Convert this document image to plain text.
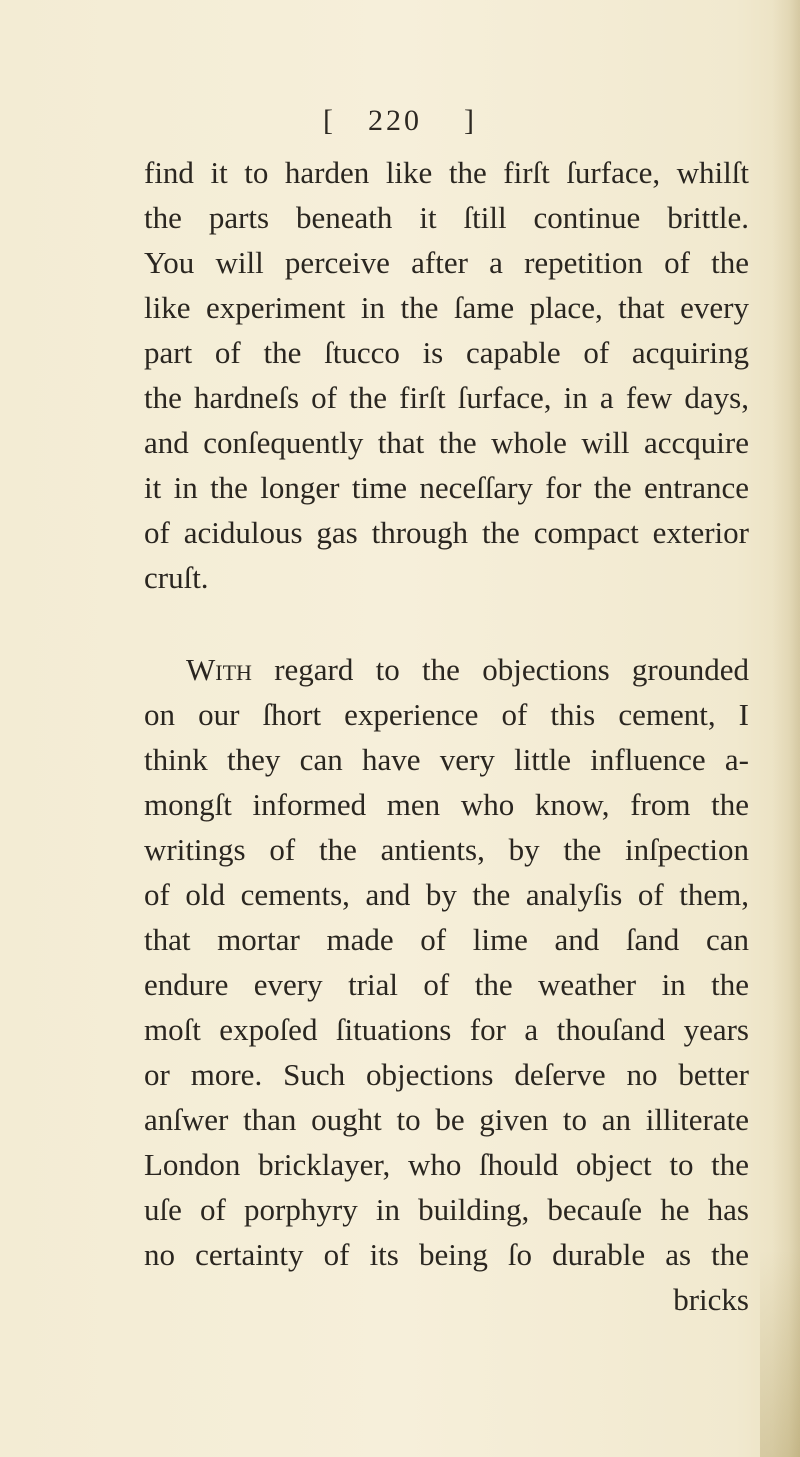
[ 220 ]
find it to harden like the firſt ſurface, whilſt
the parts beneath it ſtill continue brittle.
You will perceive after a repetition of the
like experiment in the ſame place, that every
part of the ſtucco is capable of acquiring
the hardneſs of the firſt ſurface, in a few days,
and conſequently that the whole will accquire
it in the longer time neceſſary for the entrance
of acidulous gas through the compact exterior
cruſt.
With regard to the objections grounded
on our ſhort experience of this cement, I
think they can have very little influence a-
mongſt informed men who know, from the
writings of the antients, by the inſpection
of old cements, and by the analyſis of them,
that mortar made of lime and ſand can
endure every trial of the weather in the
moſt expoſed ſituations for a thouſand years
or more. Such objections deſerve no better
anſwer than ought to be given to an illiterate
London bricklayer, who ſhould object to the
uſe of porphyry in building, becauſe he has
no certainty of its being ſo durable as the
bricks
